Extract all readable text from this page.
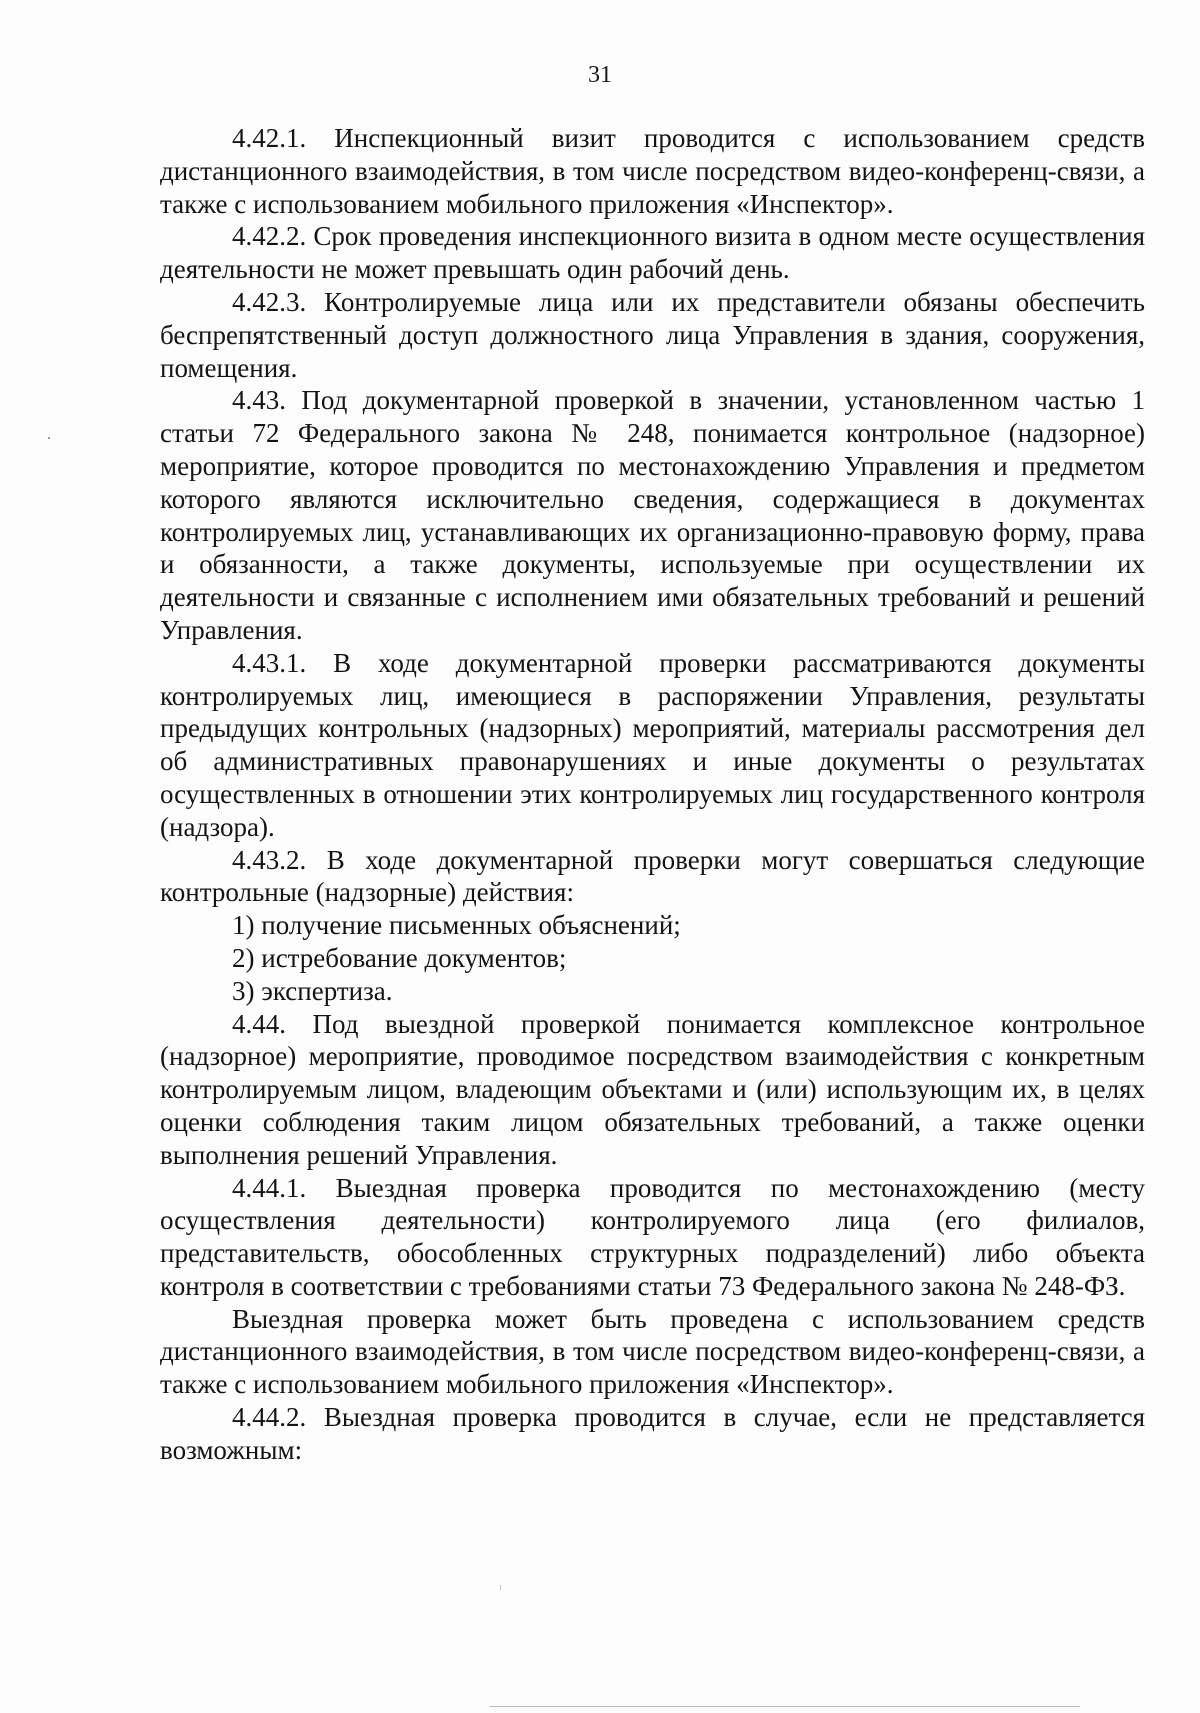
31

4.42.1. Инспекционный визит проводится с использованием средств дистанционного взаимодействия, в том числе посредством видео-конференц-связи, а также с использованием мобильного приложения «Инспектор».

4.42.2. Срок проведения инспекционного визита в одном месте осуществления деятельности не может превышать один рабочий день.

4.42.3. Контролируемые лица или их представители обязаны обеспечить беспрепятственный доступ должностного лица Управления в здания, сооружения, помещения.

4.43. Под документарной проверкой в значении, установленном частью 1 статьи 72 Федерального закона № 248, понимается контрольное (надзорное) мероприятие, которое проводится по местонахождению Управления и предметом которого являются исключительно сведения, содержащиеся в документах контролируемых лиц, устанавливающих их организационно-правовую форму, права и обязанности, а также документы, используемые при осуществлении их деятельности и связанные с исполнением ими обязательных требований и решений Управления.

4.43.1. В ходе документарной проверки рассматриваются документы контролируемых лиц, имеющиеся в распоряжении Управления, результаты предыдущих контрольных (надзорных) мероприятий, материалы рассмотрения дел об административных правонарушениях и иные документы о результатах осуществленных в отношении этих контролируемых лиц государственного контроля (надзора).

4.43.2. В ходе документарной проверки могут совершаться следующие контрольные (надзорные) действия:

1) получение письменных объяснений;

2) истребование документов;

3) экспертиза.

4.44. Под выездной проверкой понимается комплексное контрольное (надзорное) мероприятие, проводимое посредством взаимодействия с конкретным контролируемым лицом, владеющим объектами и (или) использующим их, в целях оценки соблюдения таким лицом обязательных требований, а также оценки выполнения решений Управления.

4.44.1. Выездная проверка проводится по местонахождению (месту осуществления деятельности) контролируемого лица (его филиалов, представительств, обособленных структурных подразделений) либо объекта контроля в соответствии с требованиями статьи 73 Федерального закона № 248-ФЗ.

Выездная проверка может быть проведена с использованием средств дистанционного взаимодействия, в том числе посредством видео-конференц-связи, а также с использованием мобильного приложения «Инспектор».

4.44.2. Выездная проверка проводится в случае, если не представляется возможным:
